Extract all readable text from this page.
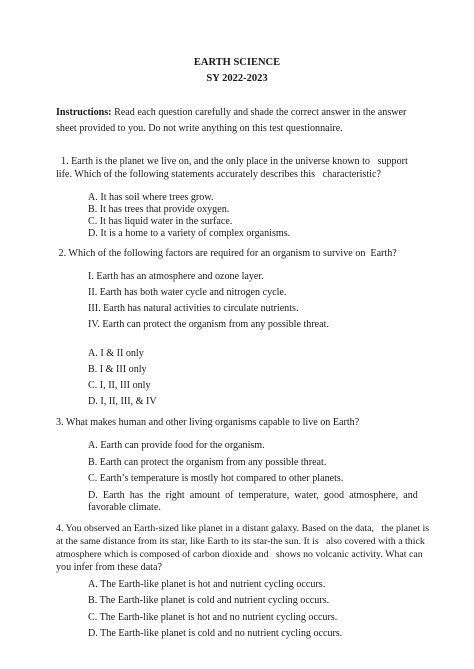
EARTH SCIENCE
SY 2022-2023
Instructions: Read each question carefully and shade the correct answer in the answer sheet provided to you. Do not write anything on this test questionnaire.
1. Earth is the planet we live on, and the only place in the universe known to   support
life. Which of the following statements accurately describes this   characteristic?
A. It has soil where trees grow.
B. It has trees that provide oxygen.
C. It has liquid water in the surface.
D. It is a home to a variety of complex organisms.
2. Which of the following factors are required for an organism to survive on  Earth?
I. Earth has an atmosphere and ozone layer.
II. Earth has both water cycle and nitrogen cycle.
III. Earth has natural activities to circulate nutrients.
IV. Earth can protect the organism from any possible threat.
A. I & II only
B. I & III only
C. I, II, III only
D. I, II, III, & IV
3. What makes human and other living organisms capable to live on Earth?
A. Earth can provide food for the organism.
B. Earth can protect the organism from any possible threat.
C. Earth’s temperature is mostly hot compared to other planets.
D.  Earth  has  the  right  amount  of  temperature,  water,  good  atmosphere,  and
favorable climate.
4. You observed an Earth-sized like planet in a distant galaxy. Based on the data,   the planet is
at the same distance from its star, like Earth to its star-the sun. It is   also covered with a thick
atmosphere which is composed of carbon dioxide and   shows no volcanic activity. What can
you infer from these data?
A. The Earth-like planet is hot and nutrient cycling occurs.
B. The Earth-like planet is cold and nutrient cycling occurs.
C. The Earth-like planet is hot and no nutrient cycling occurs.
D. The Earth-like planet is cold and no nutrient cycling occurs.
